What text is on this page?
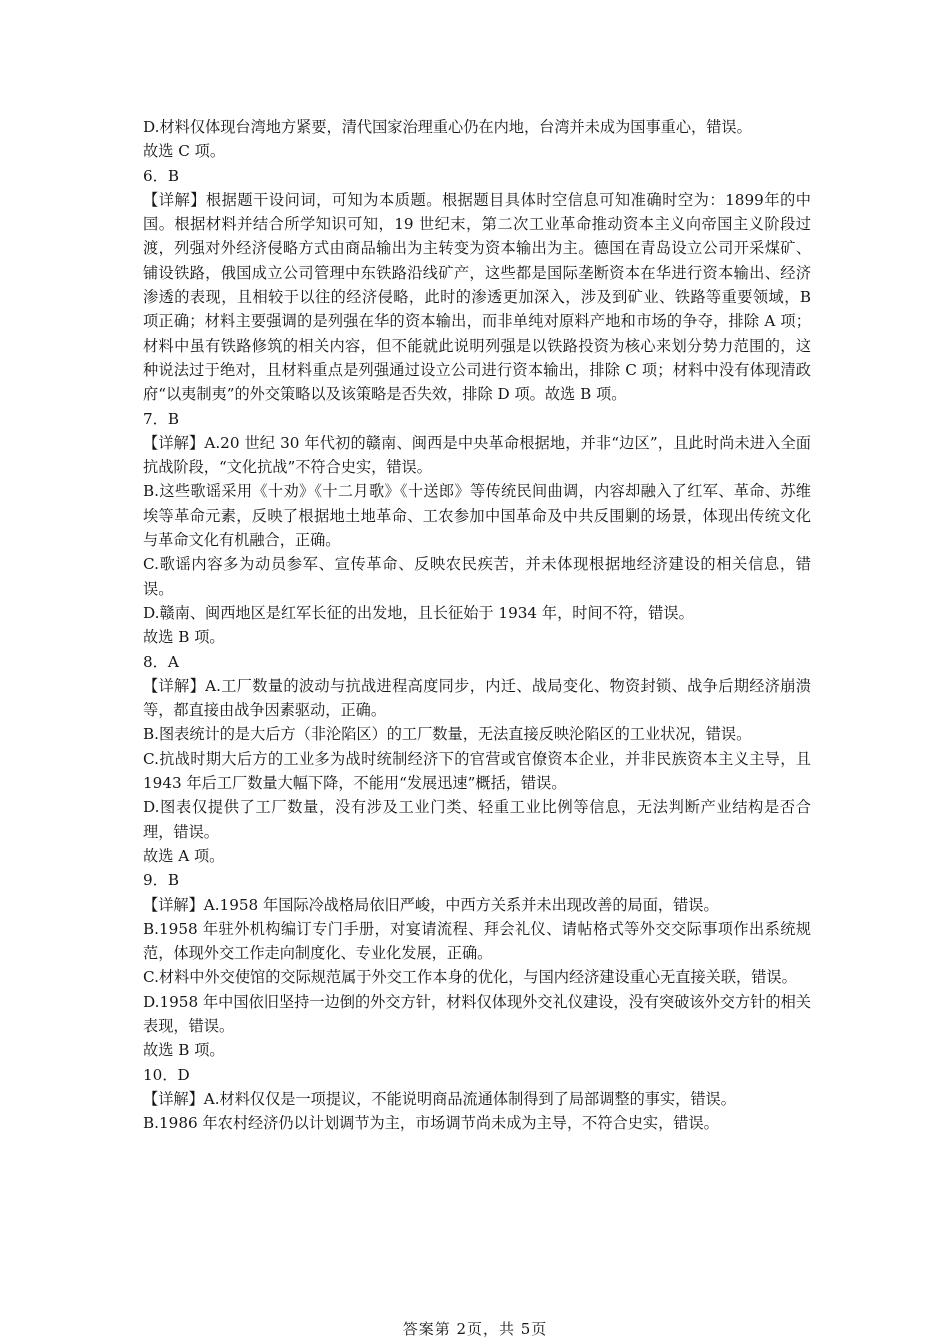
D.材料仅体现台湾地方紧要，清代国家治理重心仍在内地，台湾并未成为国事重心，错误。

故选 C 项。

6．B

【详解】根据题干设问词，可知为本质题。根据题目具体时空信息可知准确时空为：1899年的中国。根据材料并结合所学知识可知，19 世纪末，第二次工业革命推动资本主义向帝国主义阶段过渡，列强对外经济侵略方式由商品输出为主转变为资本输出为主。德国在青岛设立公司开采煤矿、铺设铁路，俄国成立公司管理中东铁路沿线矿产，这些都是国际垄断资本在华进行资本输出、经济渗透的表现，且相较于以往的经济侵略，此时的渗透更加深入，涉及到矿业、铁路等重要领域，B 项正确；材料主要强调的是列强在华的资本输出，而非单纯对原料产地和市场的争夺，排除 A 项；材料中虽有铁路修筑的相关内容，但不能就此说明列强是以铁路投资为核心来划分势力范围的，这种说法过于绝对，且材料重点是列强通过设立公司进行资本输出，排除 C 项；材料中没有体现清政府“以夷制夷”的外交策略以及该策略是否失效，排除 D 项。故选 B 项。

7．B

【详解】A.20 世纪 30 年代初的赣南、闽西是中央革命根据地，并非“边区”，且此时尚未进入全面抗战阶段，“文化抗战”不符合史实，错误。

B.这些歌谣采用《十劝》《十二月歌》《十送郎》等传统民间曲调，内容却融入了红军、革命、苏维埃等革命元素，反映了根据地土地革命、工农参加中国革命及中共反围剿的场景，体现出传统文化与革命文化有机融合，正确。

C.歌谣内容多为动员参军、宣传革命、反映农民疾苦，并未体现根据地经济建设的相关信息，错误。

D.赣南、闽西地区是红军长征的出发地，且长征始于 1934 年，时间不符，错误。

故选 B 项。

8．A

【详解】A.工厂数量的波动与抗战进程高度同步，内迁、战局变化、物资封锁、战争后期经济崩溃等，都直接由战争因素驱动，正确。

B.图表统计的是大后方（非沦陷区）的工厂数量，无法直接反映沦陷区的工业状况，错误。

C.抗战时期大后方的工业多为战时统制经济下的官营或官僚资本企业，并非民族资本主义主导，且 1943 年后工厂数量大幅下降，不能用“发展迅速”概括，错误。

D.图表仅提供了工厂数量，没有涉及工业门类、轻重工业比例等信息，无法判断产业结构是否合理，错误。

故选 A 项。

9．B

【详解】A.1958 年国际冷战格局依旧严峻，中西方关系并未出现改善的局面，错误。

B.1958 年驻外机构编订专门手册，对宴请流程、拜会礼仪、请帖格式等外交交际事项作出系统规范，体现外交工作走向制度化、专业化发展，正确。

C.材料中外交使馆的交际规范属于外交工作本身的优化，与国内经济建设重心无直接关联，错误。

D.1958 年中国依旧坚持一边倒的外交方针，材料仅体现外交礼仪建设，没有突破该外交方针的相关表现，错误。

故选 B 项。

10．D

【详解】A.材料仅仅是一项提议，不能说明商品流通体制得到了局部调整的事实，错误。

B.1986 年农村经济仍以计划调节为主，市场调节尚未成为主导，不符合史实，错误。

答案第 2页，共 5页
